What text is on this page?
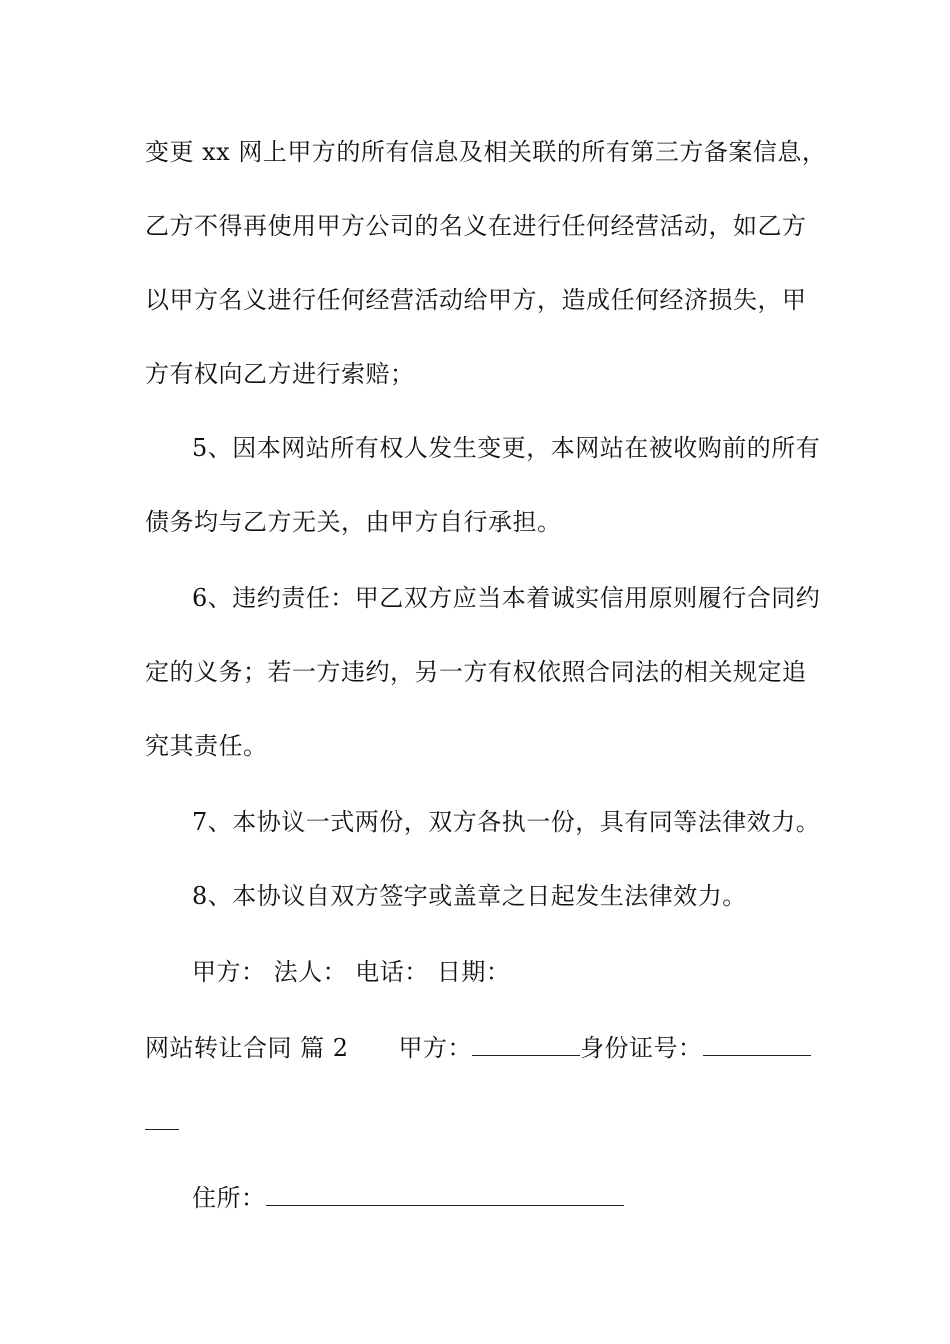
变更 xx 网上甲方的所有信息及相关联的所有第三方备案信息，
乙方不得再使用甲方公司的名义在进行任何经营活动，如乙方
以甲方名义进行任何经营活动给甲方，造成任何经济损失，甲
方有权向乙方进行索赔；
5、因本网站所有权人发生变更，本网站在被收购前的所有
债务均与乙方无关，由甲方自行承担。
6、违约责任：甲乙双方应当本着诚实信用原则履行合同约
定的义务；若一方违约，另一方有权依照合同法的相关规定追
究其责任。
7、本协议一式两份，双方各执一份，具有同等法律效力。
8、本协议自双方签字或盖章之日起发生法律效力。
甲方： 法人： 电话： 日期：
网站转让合同 篇 2 甲方：	身份证号：
住所：
